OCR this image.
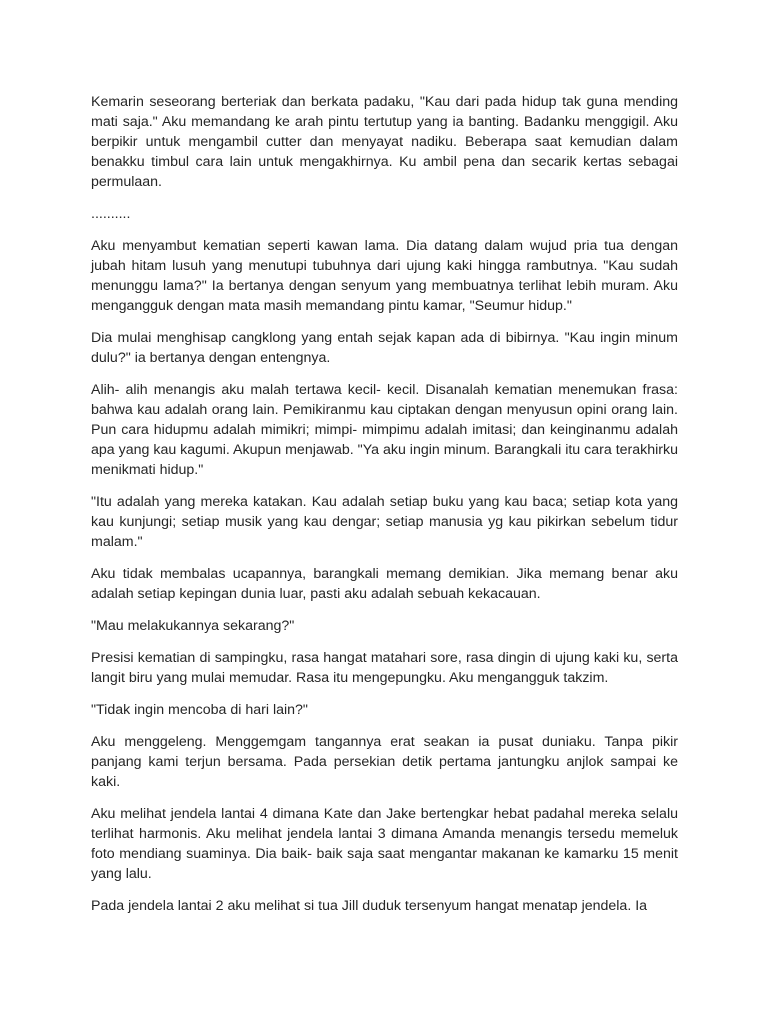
Kemarin seseorang berteriak dan berkata padaku, "Kau dari pada hidup tak guna mending mati saja." Aku memandang ke arah pintu tertutup yang ia banting. Badanku menggigil. Aku berpikir untuk mengambil cutter dan menyayat nadiku. Beberapa saat kemudian dalam benakku timbul cara lain untuk mengakhirnya. Ku ambil pena dan secarik kertas sebagai permulaan.

..........

Aku menyambut kematian seperti kawan lama. Dia datang dalam wujud pria tua dengan jubah hitam lusuh yang menutupi tubuhnya dari ujung kaki hingga rambutnya. "Kau sudah menunggu lama?" Ia bertanya dengan senyum yang membuatnya terlihat lebih muram. Aku mengangguk dengan mata masih memandang pintu kamar, "Seumur hidup."

Dia mulai menghisap cangklong yang entah sejak kapan ada di bibirnya. "Kau ingin minum dulu?" ia bertanya dengan entengnya.

Alih- alih menangis aku malah tertawa kecil- kecil. Disanalah kematian menemukan frasa: bahwa kau adalah orang lain. Pemikiranmu kau ciptakan dengan menyusun opini orang lain. Pun cara hidupmu adalah mimikri; mimpi- mimpimu adalah imitasi; dan keinginanmu adalah apa yang kau kagumi. Akupun menjawab. "Ya aku ingin minum. Barangkali itu cara terakhirku menikmati hidup."

"Itu adalah yang mereka katakan. Kau adalah setiap buku yang kau baca; setiap kota yang kau kunjungi; setiap musik yang kau dengar; setiap manusia yg kau pikirkan sebelum tidur malam."

Aku tidak membalas ucapannya, barangkali memang demikian. Jika memang benar aku adalah setiap kepingan dunia luar, pasti aku adalah sebuah kekacauan.

"Mau melakukannya sekarang?"

Presisi kematian di sampingku, rasa hangat matahari sore, rasa dingin di ujung kaki ku, serta langit biru yang mulai memudar. Rasa itu mengepungku. Aku mengangguk takzim.

"Tidak ingin mencoba di hari lain?"

Aku menggeleng. Menggemgam tangannya erat seakan ia pusat duniaku. Tanpa pikir panjang kami terjun bersama. Pada persekian detik pertama jantungku anjlok sampai ke kaki.

Aku melihat jendela lantai 4 dimana Kate dan Jake bertengkar hebat padahal mereka selalu terlihat harmonis. Aku melihat jendela lantai 3 dimana Amanda menangis tersedu memeluk foto mendiang suaminya. Dia baik- baik saja saat mengantar makanan ke kamarku 15 menit yang lalu.

Pada jendela lantai 2 aku melihat si tua Jill duduk tersenyum hangat menatap jendela. Ia
